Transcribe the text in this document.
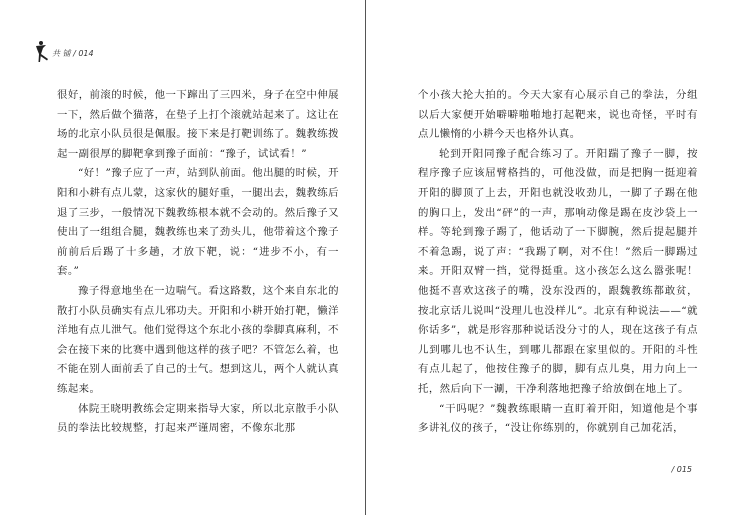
共 铺 / 014

很好，前滚的时候，他一下蹿出了三四米，身子在空中伸展一下，然后做个猫落，在垫子上打个滚就站起来了。这让在场的北京小队员很是佩服。接下来是打靶训练了。魏教练拨起一副很厚的脚靶拿到豫子面前：“豫子，试试看！”

“好！”豫子应了一声，站到队前面。他出腿的时候，开阳和小耕有点儿蒙，这家伙的腿好重，一腿出去，魏教练后退了三步，一般情况下魏教练根本就不会动的。然后豫子又使出了一组组合腿，魏教练也来了劲头儿，他带着这个豫子前前后后踢了十多趟，才放下靶，说：“进步不小，有一套。”

豫子得意地坐在一边喘气。看这路数，这个来自东北的散打小队员确实有点儿邪功夫。开阳和小耕开始打靶，懒洋洋地有点儿泄气。他们觉得这个东北小孩的拳脚真麻利，不会在接下来的比赛中遇到他这样的孩子吧？不管怎么着，也不能在别人面前丢了自己的士气。想到这儿，两个人就认真练起来。

体院王晓明教练会定期来指导大家，所以北京散手小队员的拳法比较规整，打起来严谨周密，不像东北那

个小孩大抡大拍的。今天大家有心展示自己的拳法，分组以后大家便开始噼噼啪啪地打起靶来，说也奇怪，平时有点儿懒惰的小耕今天也格外认真。

轮到开阳同豫子配合练习了。开阳踹了豫子一脚，按程序豫子应该屈臂格挡的，可他没做，而是把胸一挺迎着开阳的脚顶了上去，开阳也就没收劲儿，一脚了子踢在他的胸口上，发出“砰”的一声，那响动像是踢在皮沙袋上一样。等轮到豫子踢了，他话动了一下脚腕，然后提起腿并不着急踢，说了声：“我踢了啊，对不住！”然后一脚踢过来。开阳双臂一挡，觉得挺重。这小孩怎么这么嚣张呢！他挺不喜欢这孩子的嘴，没东没西的，跟魏教练都敢贫，按北京话儿说叫“没理儿也没样儿”。北京有种说法——“就你话多”，就是形容那种说话没分寸的人，现在这孩子有点儿到哪儿也不认生，到哪儿都跟在家里似的。开阳的斗性有点儿起了，他按住豫子的脚，脚有点儿臭，用力向上一托，然后向下一涮，干净利落地把豫子给放倒在地上了。

“干吗呢？”魏教练眼睛一直盯着开阳，知道他是个事多讲礼仪的孩子，“没让你练别的，你就别自己加花活，

/ 015
